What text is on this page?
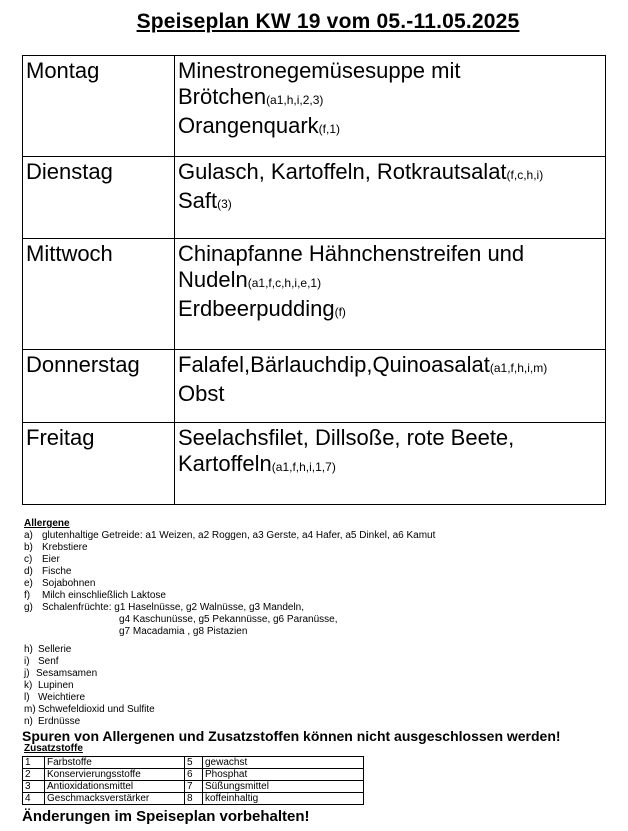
Speiseplan KW 19 vom 05.-11.05.2025
Montag	Minestronegemüsesuppe mit
Brötchen(a1,h,i,2,3)
Orangenquark(f,1)

Dienstag	Gulasch, Kartoffeln, Rotkrautsalat(f,c,h,i)
Saft(3)

Mittwoch	Chinapfanne Hähnchenstreifen und
Nudeln(a1,f,c,h,i,e,1)
Erdbeerpudding(f)

Donnerstag	Falafel,Bärlauchdip,Quinoasalat(a1,f,h,i,m)
Obst

Freitag	Seelachsfilet, Dillsoße, rote Beete,
Kartoffeln(a1,f,h,i,1,7)
Allergene
a) glutenhaltige Getreide: a1 Weizen, a2 Roggen, a3 Gerste, a4 Hafer, a5 Dinkel, a6 Kamut
b) Krebstiere
c) Eier
d) Fische
e) Sojabohnen
f) Milch einschließlich Laktose
g) Schalenfrüchte: g1 Haselnüsse, g2 Walnüsse, g3 Mandeln,
g4 Kaschunüsse, g5 Pekannüsse, g6 Paranüsse,
g7 Macadamia , g8 Pistazien
h) Sellerie
i) Senf
j) Sesamsamen
k) Lupinen
l) Weichtiere
m) Schwefeldioxid und Sulfite
n) Erdnüsse
Spuren von Allergenen und Zusatzstoffen können nicht ausgeschlossen werden!
Zusatzstoffe
1	Farbstoffe	5	gewachst
2	Konservierungsstoffe	6	Phosphat
3	Antioxidationsmittel	7	Süßungsmittel
4	Geschmacksverstärker	8	koffeinhaltig
Änderungen im Speiseplan vorbehalten!
